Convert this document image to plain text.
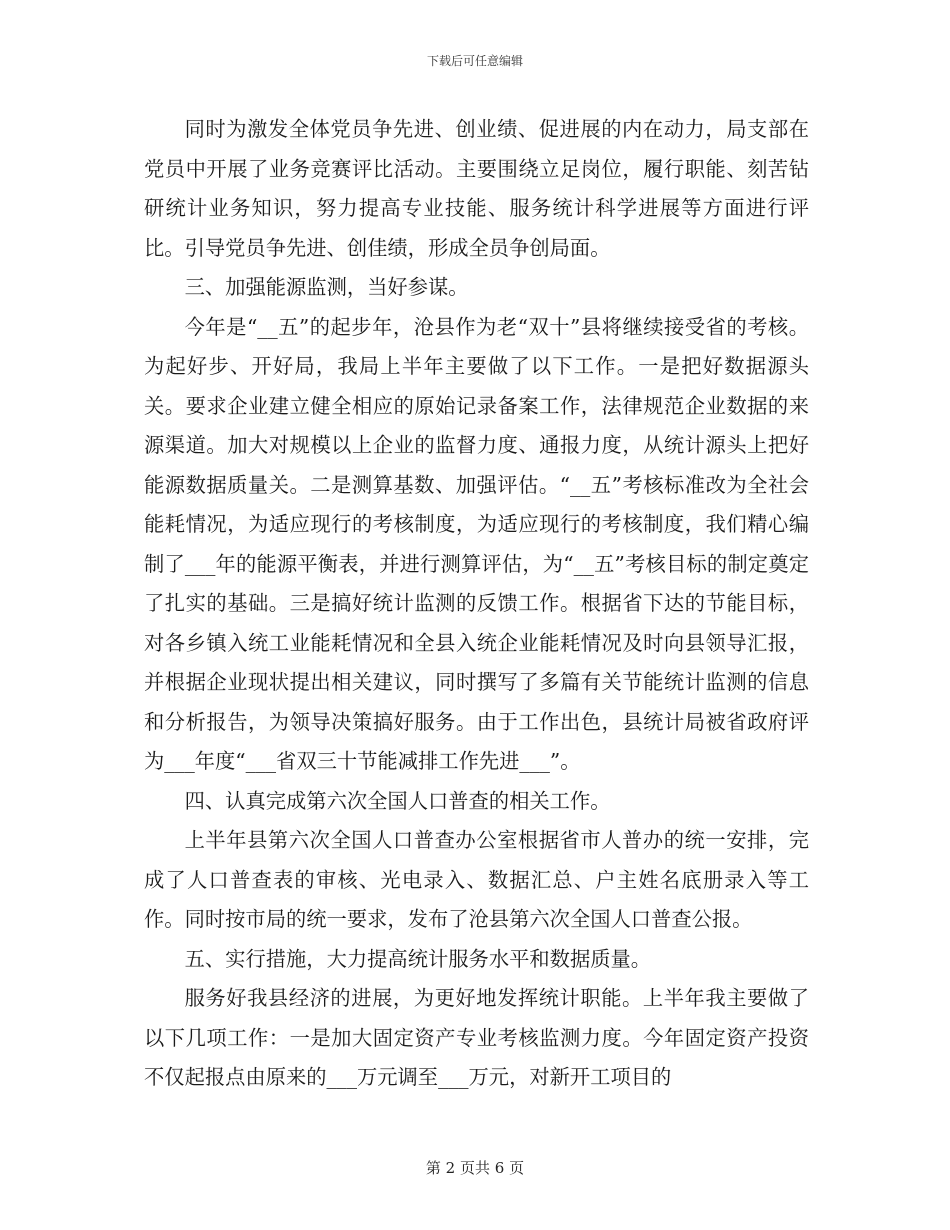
下载后可任意编辑

同时为激发全体党员争先进、创业绩、促进展的内在动力，局支部在党员中开展了业务竞赛评比活动。主要围绕立足岗位，履行职能、刻苦钻研统计业务知识，努力提高专业技能、服务统计科学进展等方面进行评比。引导党员争先进、创佳绩，形成全员争创局面。

三、加强能源监测，当好参谋。

今年是“__五”的起步年，沧县作为老“双十”县将继续接受省的考核。为起好步、开好局，我局上半年主要做了以下工作。一是把好数据源头关。要求企业建立健全相应的原始记录备案工作，法律规范企业数据的来源渠道。加大对规模以上企业的监督力度、通报力度，从统计源头上把好能源数据质量关。二是测算基数、加强评估。“__五”考核标准改为全社会能耗情况，为适应现行的考核制度，为适应现行的考核制度，我们精心编制了___年的能源平衡表，并进行测算评估，为“__五”考核目标的制定奠定了扎实的基础。三是搞好统计监测的反馈工作。根据省下达的节能目标，对各乡镇入统工业能耗情况和全县入统企业能耗情况及时向县领导汇报，并根据企业现状提出相关建议，同时撰写了多篇有关节能统计监测的信息和分析报告，为领导决策搞好服务。由于工作出色，县统计局被省政府评为___年度“___省双三十节能减排工作先进___”。

四、认真完成第六次全国人口普查的相关工作。

上半年县第六次全国人口普查办公室根据省市人普办的统一安排，完成了人口普查表的审核、光电录入、数据汇总、户主姓名底册录入等工作。同时按市局的统一要求，发布了沧县第六次全国人口普查公报。

五、实行措施，大力提高统计服务水平和数据质量。

服务好我县经济的进展，为更好地发挥统计职能。上半年我主要做了以下几项工作：一是加大固定资产专业考核监测力度。今年固定资产投资不仅起报点由原来的___万元调至___万元，对新开工项目的

第 2 页共 6 页
